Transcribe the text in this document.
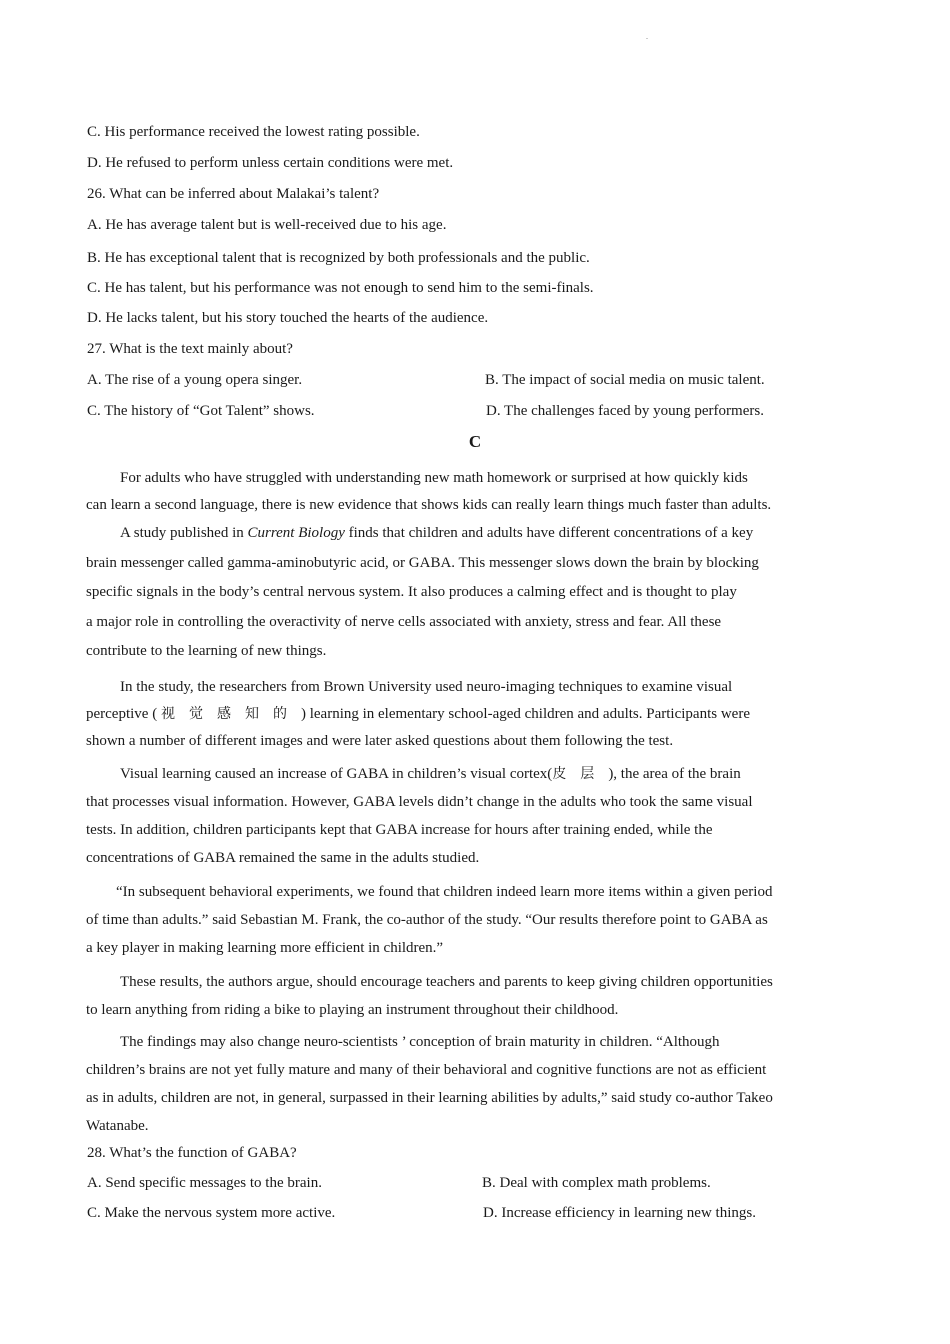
C. His performance received the lowest rating possible.
D. He refused to perform unless certain conditions were met.
26. What can be inferred about Malakai’s talent?
A. He has average talent but is well-received due to his age.
B. He has exceptional talent that is recognized by both professionals and the public.
C. He has talent, but his performance was not enough to send him to the semi-finals.
D. He lacks talent, but his story touched the hearts of the audience.
27. What is the text mainly about?
A. The rise of a young opera singer.	B. The impact of social media on music talent.
C. The history of “Got Talent” shows.	D. The challenges faced by young performers.
C
For adults who have struggled with understanding new math homework or surprised at how quickly kids
can learn a second language, there is new evidence that shows kids can really learn things much faster than adults.
A study published in Current Biology finds that children and adults have different concentrations of a key
brain messenger called gamma-aminobutyric acid, or GABA. This messenger slows down the brain by blocking
specific signals in the body’s central nervous system. It also produces a calming effect and is thought to play
a major role in controlling the overactivity of nerve cells associated with anxiety, stress and fear. All these
contribute to the learning of new things.
In the study, the researchers from Brown University used neuro-imaging techniques to examine visual
perceptive ( 视觉感知的) learning in elementary school-aged children and adults. Participants were
shown a number of different images and were later asked questions about them following the test.
Visual learning caused an increase of GABA in children’s visual cortex(皮层), the area of the brain
that processes visual information. However, GABA levels didn’t change in the adults who took the same visual
tests. In addition, children participants kept that GABA increase for hours after training ended, while the
concentrations of GABA remained the same in the adults studied.
“In subsequent behavioral experiments, we found that children indeed learn more items within a given period
of time than adults.” said Sebastian M. Frank, the co-author of the study. “Our results therefore point to GABA as
a key player in making learning more efficient in children.”
These results, the authors argue, should encourage teachers and parents to keep giving children opportunities
to learn anything from riding a bike to playing an instrument throughout their childhood.
The findings may also change neuro-scientists ’ conception of brain maturity in children. “Although
children’s brains are not yet fully mature and many of their behavioral and cognitive functions are not as efficient
as in adults, children are not, in general, surpassed in their learning abilities by adults,” said study co-author Takeo
Watanabe.
28. What’s the function of GABA?
A. Send specific messages to the brain.	B. Deal with complex math problems.
C. Make the nervous system more active.	D. Increase efficiency in learning new things.
